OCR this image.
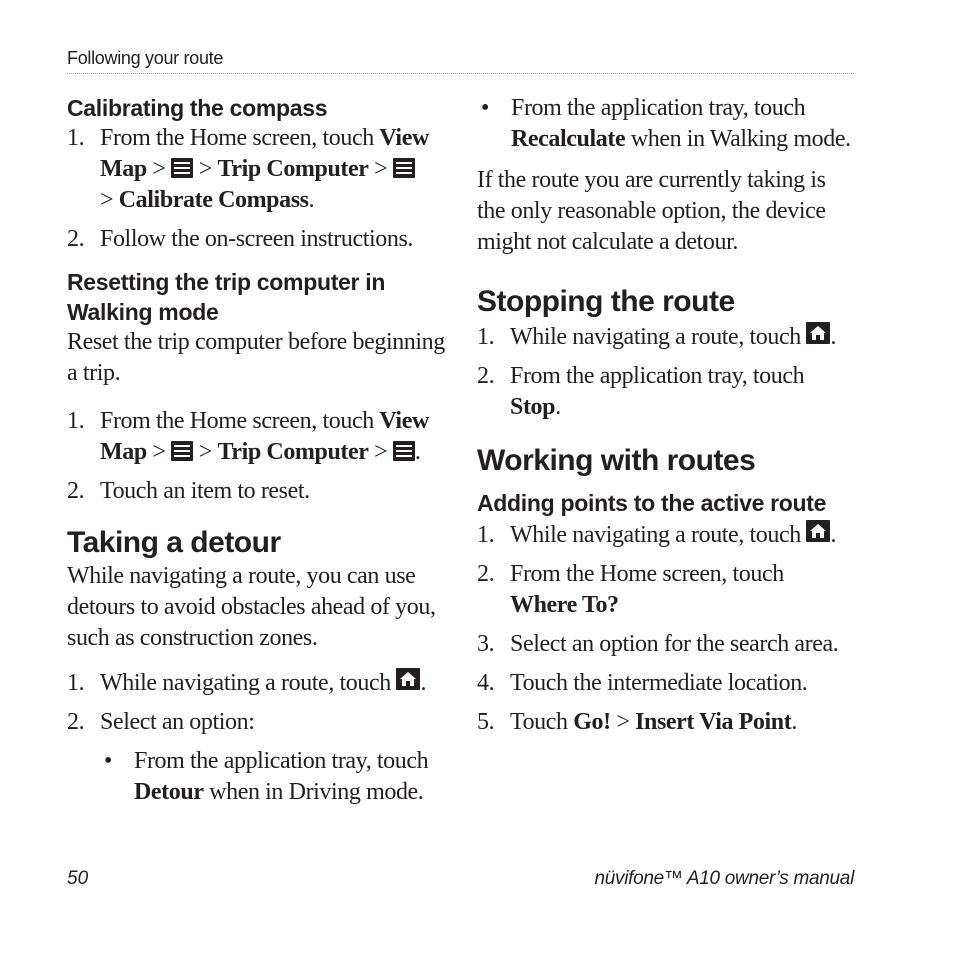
Following your route
Calibrating the compass
1. From the Home screen, touch View Map >
> Trip Computer >

> Calibrate Compass.
2. Follow the on-screen instructions.
Resetting the trip computer in Walking mode

Reset the trip computer before beginning a trip.

1. From the Home screen, touch View Map >
> Trip Computer >
.
2. Touch an item to reset.
Taking a detour

While navigating a route, you can use detours to avoid obstacles ahead of you, such as construction zones.

1. While navigating a route, touch
.
2. Select an option:
• From the application tray, touch Detour when in Driving mode.
• From the application tray, touch Recalculate when in Walking mode.

If the route you are currently taking is the only reasonable option, the device might not calculate a detour.

Stopping the route
1. While navigating a route, touch
.
2. From the application tray, touch
Stop.
Working with routes
Adding points to the active route
1. While navigating a route, touch
.
2. From the Home screen, touch
Where To?
3. Select an option for the search area.
4. Touch the intermediate location.
5. Touch Go! > Insert Via Point.
50	nüvifone™ A10 owner’s manual
